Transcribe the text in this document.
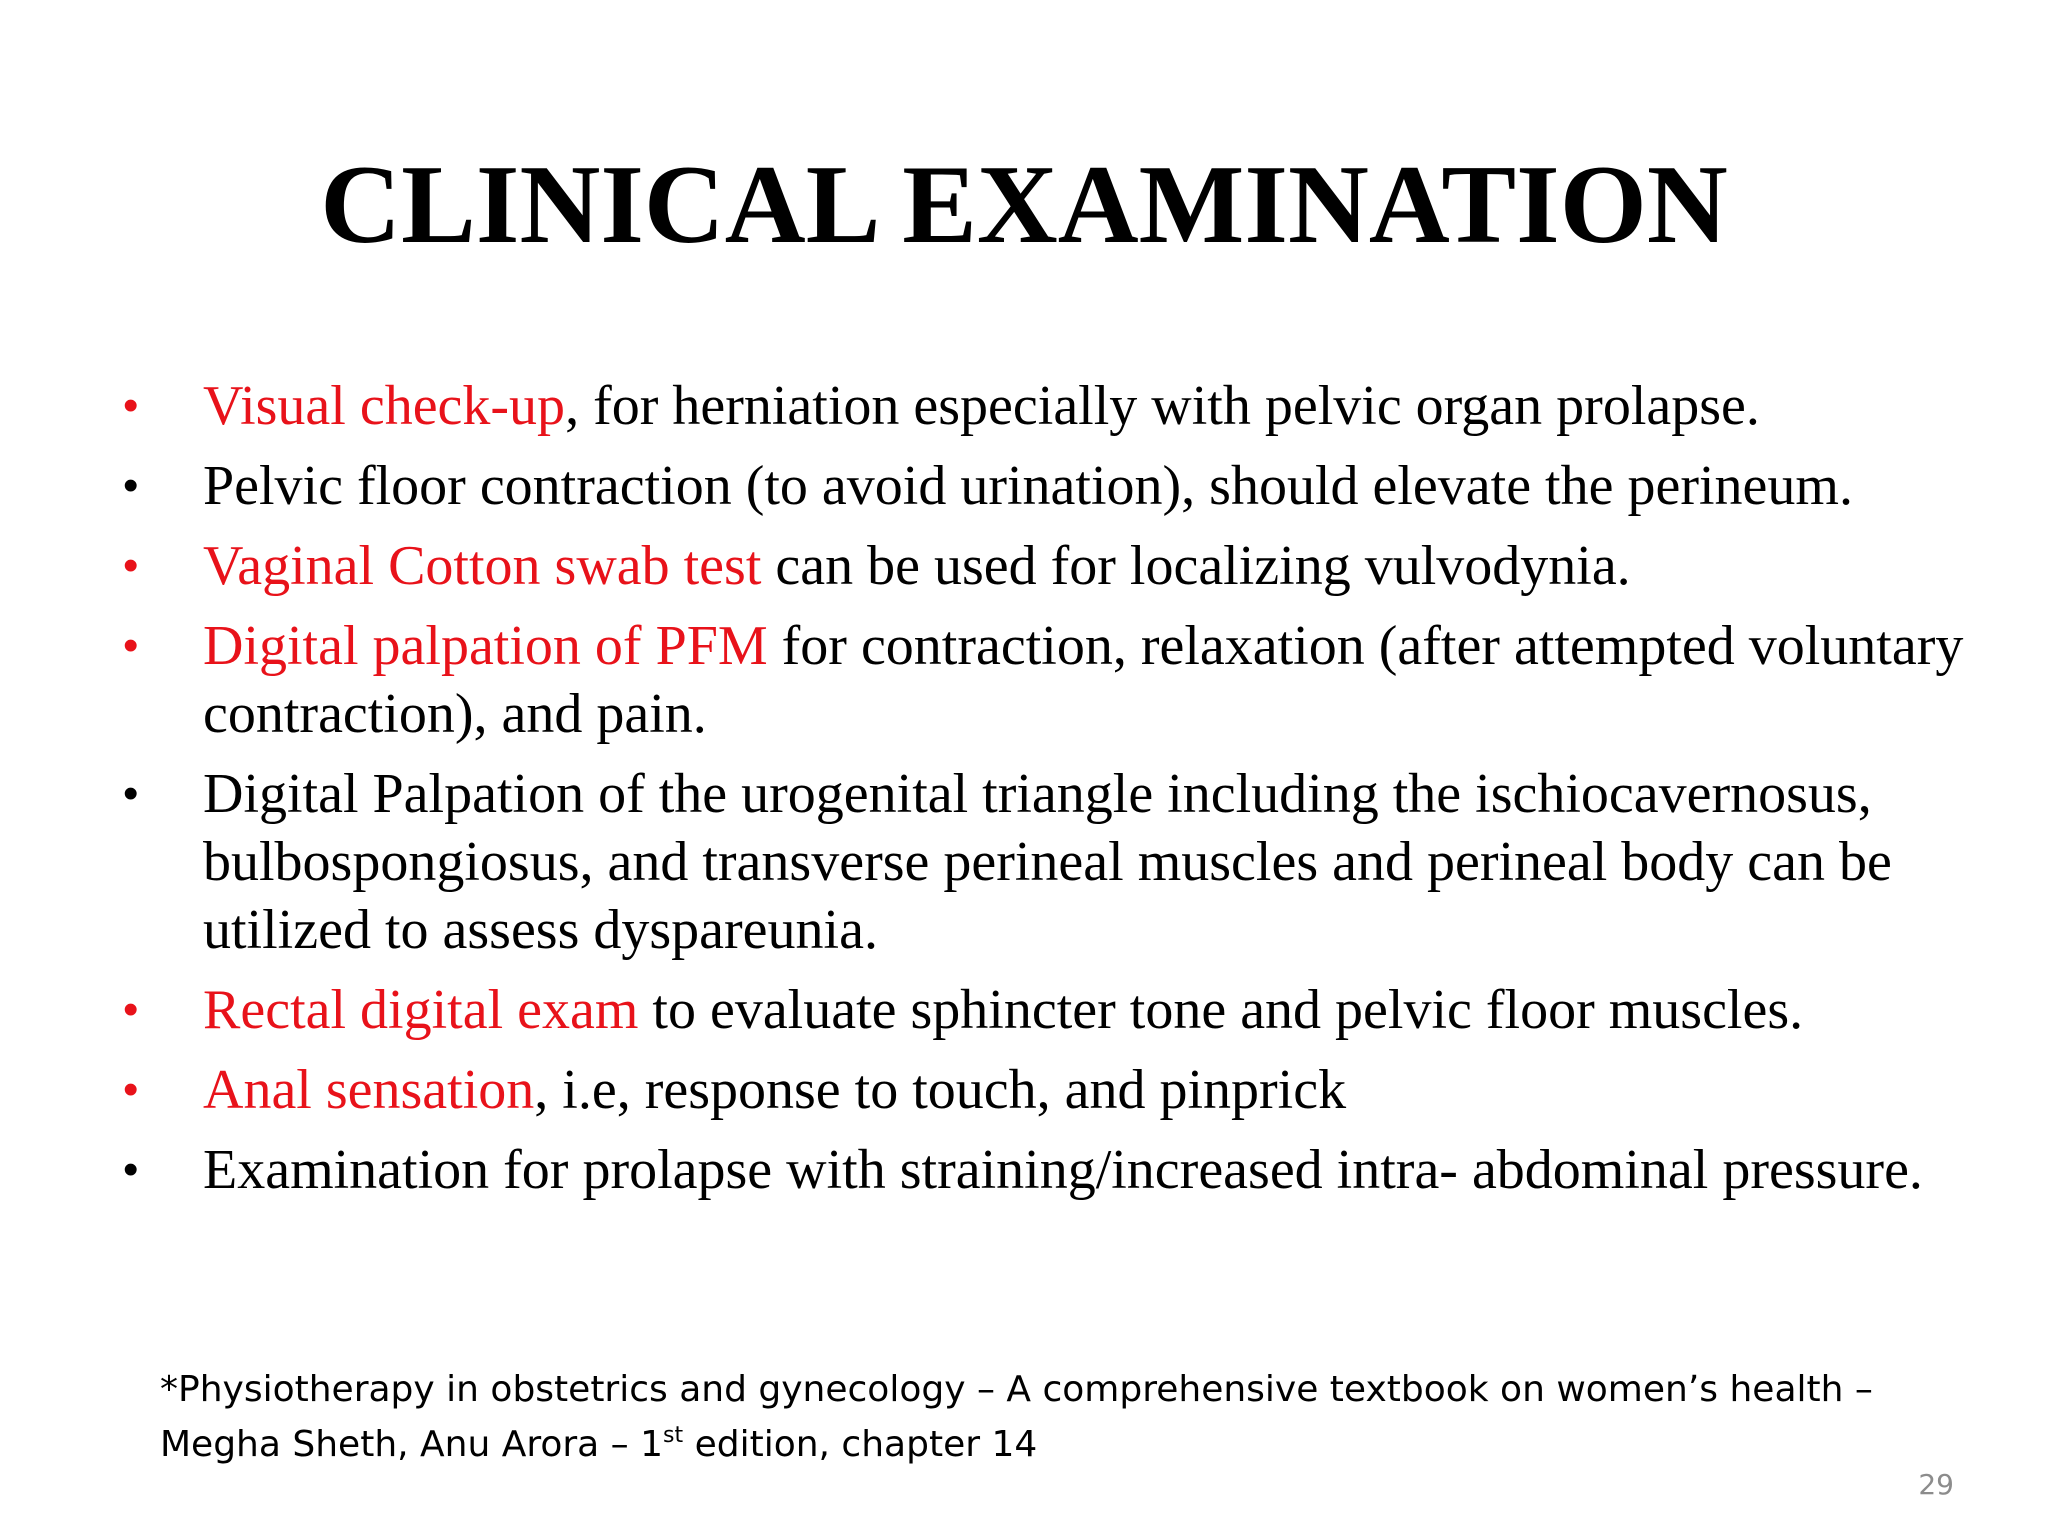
CLINICAL EXAMINATION
• Visual check-up, for herniation especially with pelvic organ prolapse.
• Pelvic floor contraction (to avoid urination), should elevate the perineum.
• Vaginal Cotton swab test can be used for localizing vulvodynia.
• Digital palpation of PFM for contraction, relaxation (after attempted voluntary contraction), and pain.
• Digital Palpation of the urogenital triangle including the ischiocavernosus, bulbospongiosus, and transverse perineal muscles and perineal body can be utilized to assess dyspareunia.
• Rectal digital exam to evaluate sphincter tone and pelvic floor muscles.
• Anal sensation, i.e, response to touch, and pinprick
• Examination for prolapse with straining/increased intra- abdominal pressure.

*Physiotherapy in obstetrics and gynecology – A comprehensive textbook on women’s health – Megha Sheth, Anu Arora – 1st edition, chapter 14

29
